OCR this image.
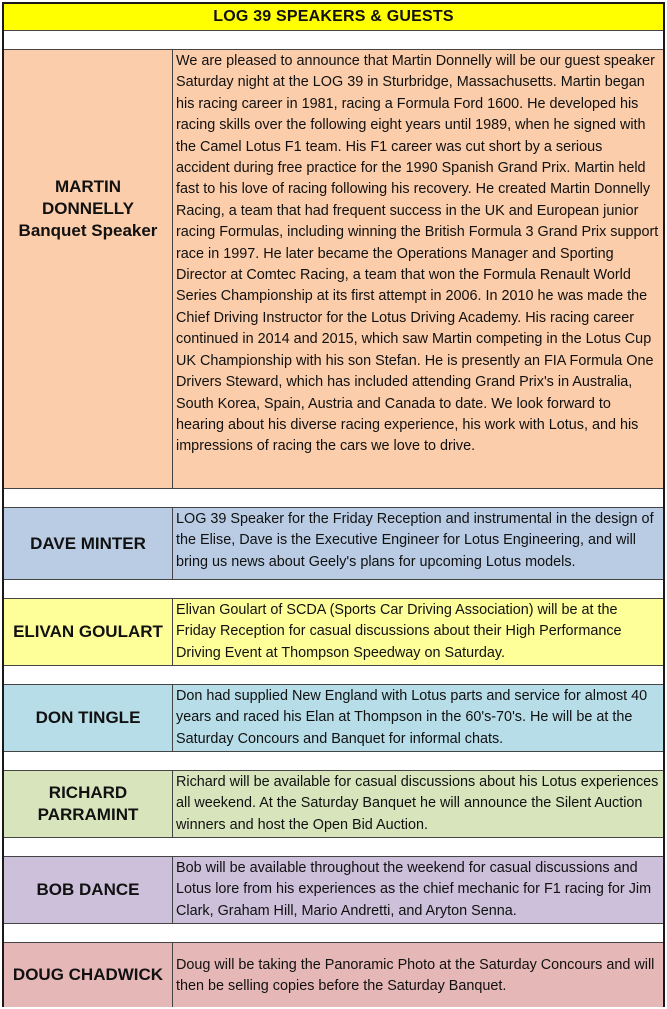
LOG 39 SPEAKERS & GUESTS
MARTIN
DONNELLY
Banquet Speaker
We are pleased to announce that Martin Donnelly will be our guest speaker Saturday night at the LOG 39 in Sturbridge, Massachusetts. Martin began his racing career in 1981, racing a Formula Ford 1600. He developed his racing skills over the following eight years until 1989, when he signed with the Camel Lotus F1 team. His F1 career was cut short by a serious accident during free practice for the 1990 Spanish Grand Prix. Martin held fast to his love of racing following his recovery. He created Martin Donnelly Racing, a team that had frequent success in the UK and European junior racing Formulas, including winning the British Formula 3 Grand Prix support race in 1997. He later became the Operations Manager and Sporting Director at Comtec Racing, a team that won the Formula Renault World Series Championship at its first attempt in 2006. In 2010 he was made the Chief Driving Instructor for the Lotus Driving Academy. His racing career continued in 2014 and 2015, which saw Martin competing in the Lotus Cup UK Championship with his son Stefan. He is presently an FIA Formula One Drivers Steward, which has included attending Grand Prix's in Australia, South Korea, Spain, Austria and Canada to date. We look forward to hearing about his diverse racing experience, his work with Lotus, and his impressions of racing the cars we love to drive.
DAVE MINTER
LOG 39 Speaker for the Friday Reception and instrumental in the design of the Elise, Dave is the Executive Engineer for Lotus Engineering, and will bring us news about Geely's plans for upcoming Lotus models.
ELIVAN GOULART
Elivan Goulart of SCDA (Sports Car Driving Association) will be at the Friday Reception for casual discussions about their High Performance Driving Event at Thompson Speedway on Saturday.
DON TINGLE
Don had supplied New England with Lotus parts and service for almost 40 years and raced his Elan at Thompson in the 60's-70's. He will be at the Saturday Concours and Banquet for informal chats.
RICHARD
PARRAMINT
Richard will be available for casual discussions about his Lotus experiences all weekend. At the Saturday Banquet he will announce the Silent Auction winners and host the Open Bid Auction.
BOB DANCE
Bob will be available throughout the weekend for casual discussions and Lotus lore from his experiences as the chief mechanic for F1 racing for Jim Clark, Graham Hill, Mario Andretti, and Aryton Senna.
DOUG CHADWICK Doug will be taking the Panoramic Photo at the Saturday Concours and will then be selling copies before the Saturday Banquet.
